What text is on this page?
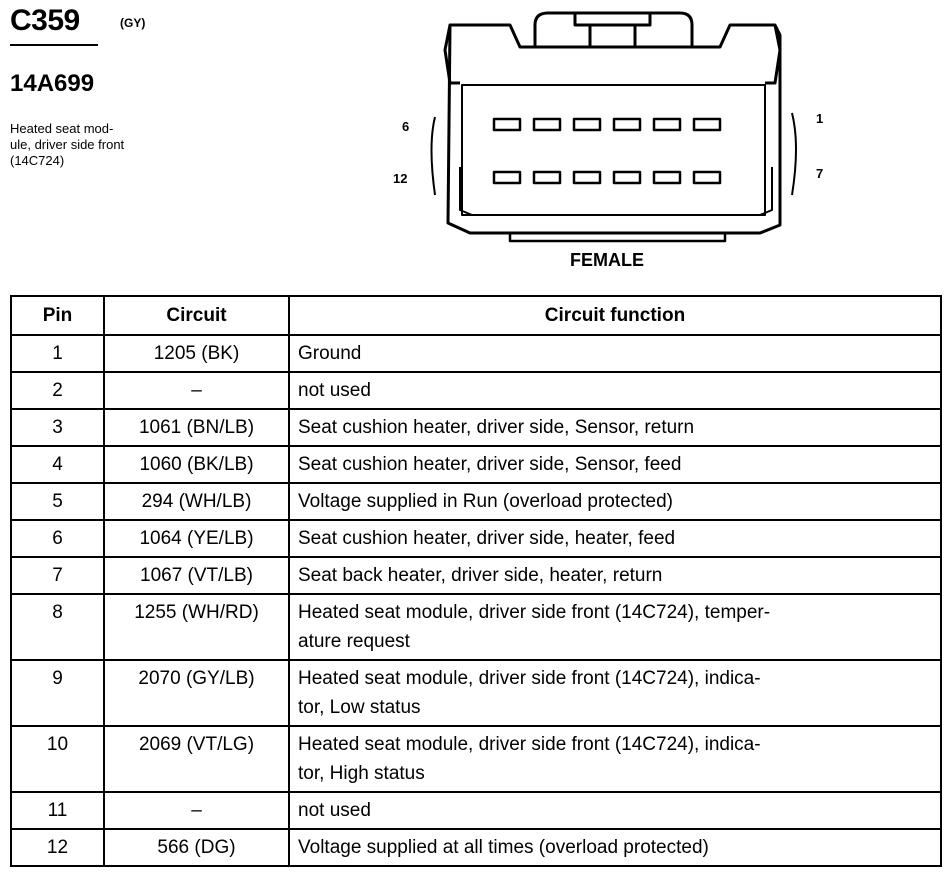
C359	(GY)
14A699
Heated seat mod-
ule, driver side front
(14C724)
6
1
12	7
FEMALE
Pin	Circuit	Circuit function
1	1205 (BK)	Ground
2	–	not used
3	1061 (BN/LB)	Seat cushion heater, driver side, Sensor, return
4	1060 (BK/LB)	Seat cushion heater, driver side, Sensor, feed
5	294 (WH/LB)	Voltage supplied in Run (overload protected)
6	1064 (YE/LB)	Seat cushion heater, driver side, heater, feed
7	1067 (VT/LB)	Seat back heater, driver side, heater, return
8	1255 (WH/RD)	Heated seat module, driver side front (14C724), temper-
ature request
9	2070 (GY/LB)	Heated seat module, driver side front (14C724), indica-
tor, Low status
10	2069 (VT/LG)	Heated seat module, driver side front (14C724), indica-
tor, High status
11	–	not used
12	566 (DG)	Voltage supplied at all times (overload protected)
